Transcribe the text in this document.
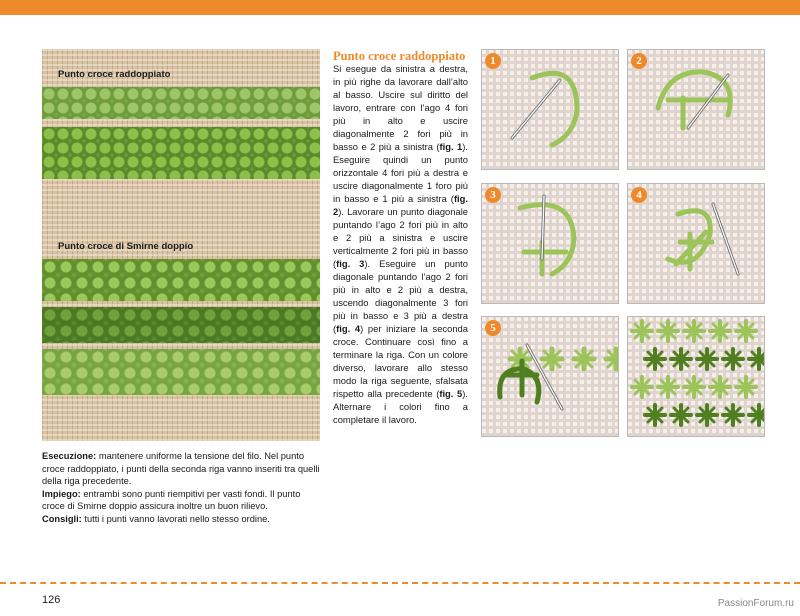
Punto croce raddoppiato
Punto croce di Smirne doppio
Punto croce raddoppiato

Si esegue da sinistra a destra, in più righe da lavorare dall’alto al basso. Uscire sul diritto del lavoro, entrare con l’ago 4 fori più in alto e uscire diagonalmente 2 fori più in basso e 2 più a sinistra (fig. 1). Eseguire quindi un punto orizzontale 4 fori più a destra e uscire diagonalmente 1 foro più in basso e 1 più a sinistra (fig. 2). Lavorare un punto diagonale puntando l’ago 2 fori più in alto e 2 più a sinistra e uscire verticalmente 2 fori più in basso (fig. 3). Eseguire un punto diagonale puntando l’ago 2 fori più in alto e 2 più a destra, uscendo diagonalmente 3 fori più in basso e 3 più a destra (fig. 4) per iniziare la seconda croce. Continuare così fino a terminare la riga. Con un colore diverso, lavorare allo stesso modo la riga seguente, sfalsata rispetto alla precedente (fig. 5). Alternare i colori fino a completare il lavoro.

1	2
3	4
5

Esecuzione: mantenere uniforme la tensione del filo. Nel punto croce raddoppiato, i punti della seconda riga vanno inseriti tra quelli della riga precedente.

Impiego: entrambi sono punti riempitivi per vasti fondi. Il punto croce di Smirne doppio assicura inoltre un buon rilievo.

Consigli: tutti i punti vanno lavorati nello stesso ordine.

126	PassionForum.ru
